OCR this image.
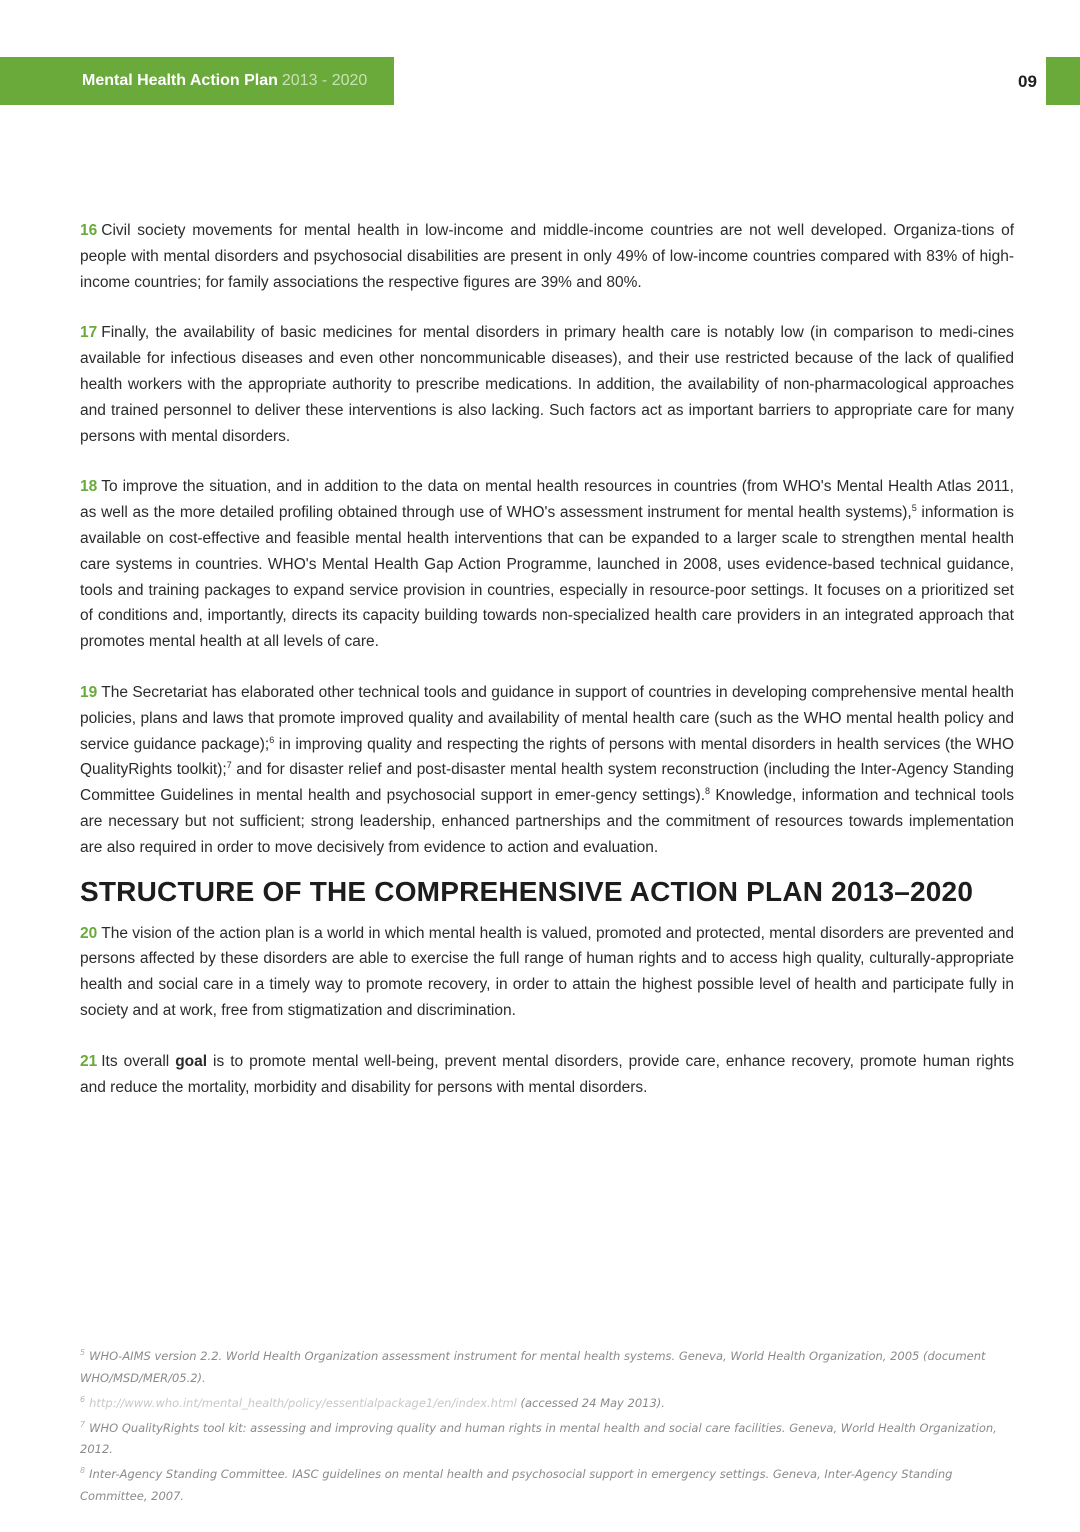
Mental Health Action Plan 2013 - 2020	09

16 Civil society movements for mental health in low-income and middle-income countries are not well developed. Organiza-tions of people with mental disorders and psychosocial disabilities are present in only 49% of low-income countries compared with 83% of high-income countries; for family associations the respective figures are 39% and 80%.

17 Finally, the availability of basic medicines for mental disorders in primary health care is notably low (in comparison to medi-cines available for infectious diseases and even other noncommunicable diseases), and their use restricted because of the lack of qualified health workers with the appropriate authority to prescribe medications. In addition, the availability of non-pharmacological approaches and trained personnel to deliver these interventions is also lacking. Such factors act as important barriers to appropriate care for many persons with mental disorders.

18 To improve the situation, and in addition to the data on mental health resources in countries (from WHO's Mental Health Atlas 2011, as well as the more detailed profiling obtained through use of WHO's assessment instrument for mental health systems),$^5$ information is available on cost-effective and feasible mental health interventions that can be expanded to a larger scale to strengthen mental health care systems in countries. WHO's Mental Health Gap Action Programme, launched in 2008, uses evidence-based technical guidance, tools and training packages to expand service provision in countries, especially in resource-poor settings. It focuses on a prioritized set of conditions and, importantly, directs its capacity building towards non-specialized health care providers in an integrated approach that promotes mental health at all levels of care.

19 The Secretariat has elaborated other technical tools and guidance in support of countries in developing comprehensive mental health policies, plans and laws that promote improved quality and availability of mental health care (such as the WHO mental health policy and service guidance package);$^6$ in improving quality and respecting the rights of persons with mental disorders in health services (the WHO QualityRights toolkit);$^7$ and for disaster relief and post-disaster mental health system reconstruction (including the Inter-Agency Standing Committee Guidelines in mental health and psychosocial support in emer-gency settings).$^8$ Knowledge, information and technical tools are necessary but not sufficient; strong leadership, enhanced partnerships and the commitment of resources towards implementation are also required in order to move decisively from evidence to action and evaluation.

STRUCTURE OF THE COMPREHENSIVE ACTION PLAN 2013–2020

20 The vision of the action plan is a world in which mental health is valued, promoted and protected, mental disorders are prevented and persons affected by these disorders are able to exercise the full range of human rights and to access high quality, culturally-appropriate health and social care in a timely way to promote recovery, in order to attain the highest possible level of health and participate fully in society and at work, free from stigmatization and discrimination.

21 Its overall goal is to promote mental well-being, prevent mental disorders, provide care, enhance recovery, promote human rights and reduce the mortality, morbidity and disability for persons with mental disorders.

$^5$ WHO-AIMS version 2.2. World Health Organization assessment instrument for mental health systems. Geneva, World Health Organization, 2005 (document WHO/MSD/MER/05.2).

$^6$ http://www.who.int/mental_health/policy/essentialpackage1/en/index.html (accessed 24 May 2013).

$^7$ WHO QualityRights tool kit: assessing and improving quality and human rights in mental health and social care facilities. Geneva, World Health Organization, 2012.

$^8$ Inter-Agency Standing Committee. IASC guidelines on mental health and psychosocial support in emergency settings. Geneva, Inter-Agency Standing Committee, 2007.
